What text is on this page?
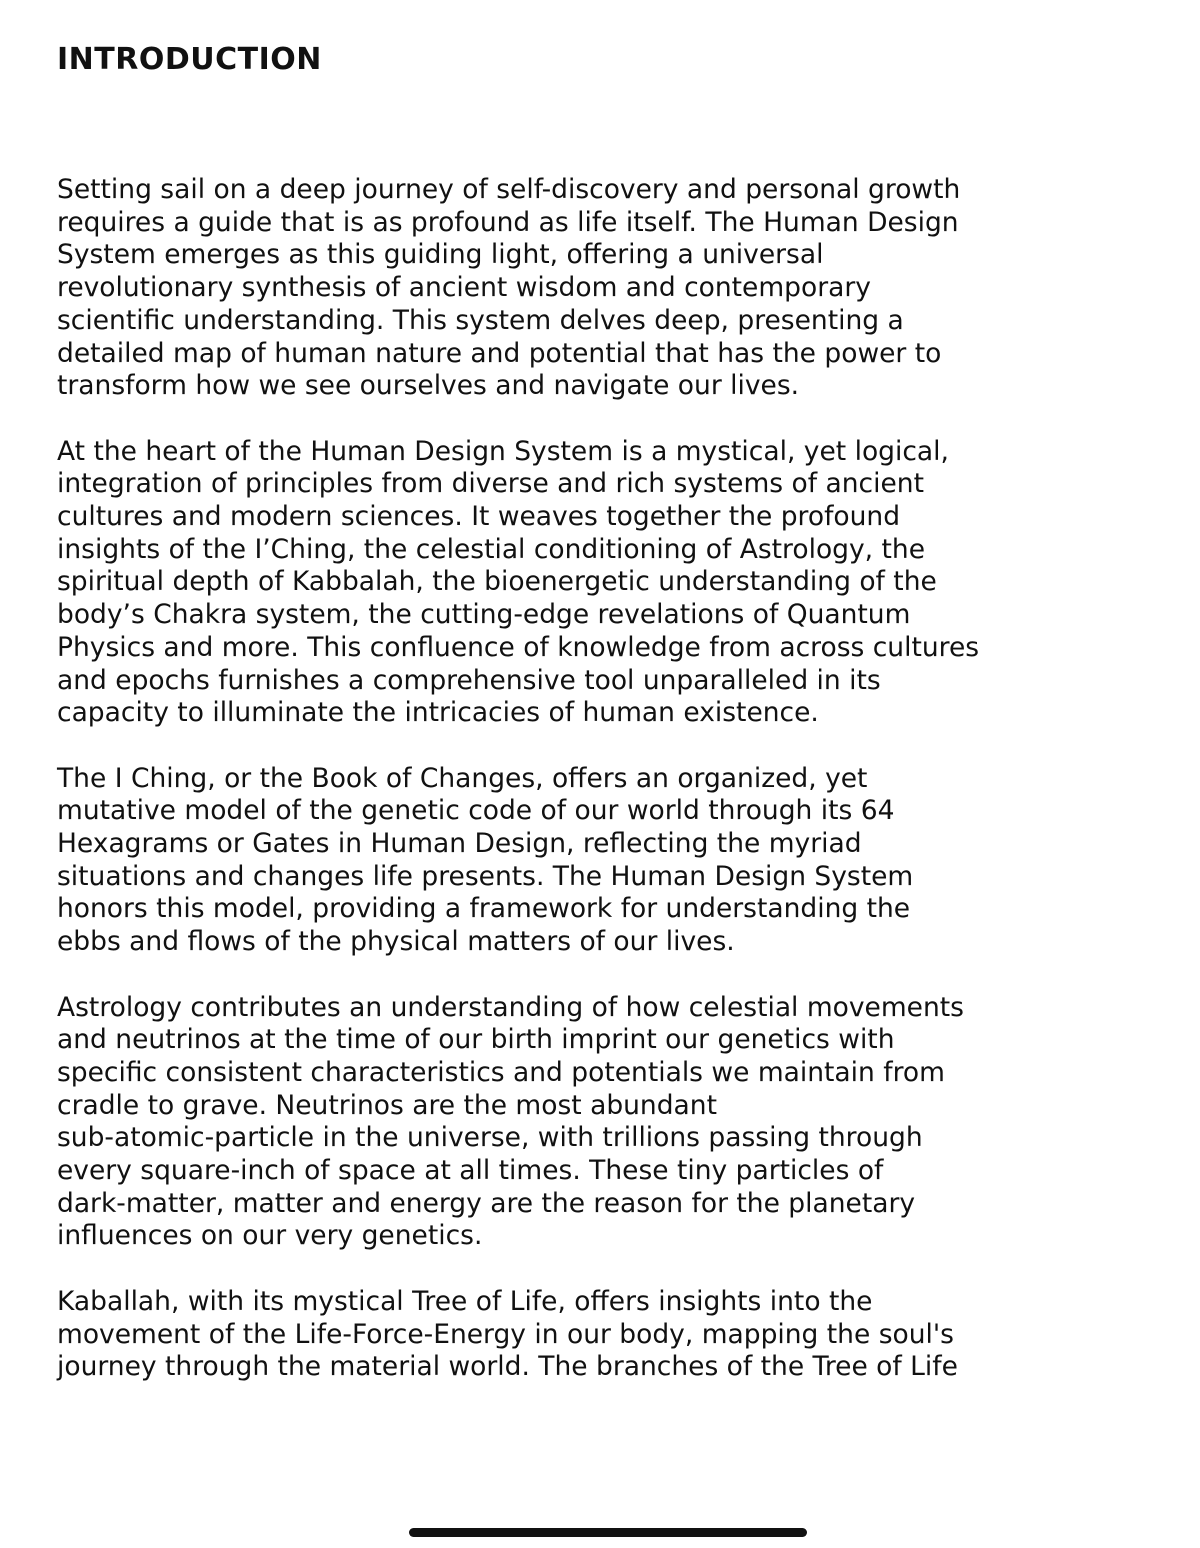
INTRODUCTION

Setting sail on a deep journey of self-discovery and personal growth
requires a guide that is as profound as life itself. The Human Design
System emerges as this guiding light, offering a universal
revolutionary synthesis of ancient wisdom and contemporary
scientific understanding. This system delves deep, presenting a
detailed map of human nature and potential that has the power to
transform how we see ourselves and navigate our lives.

At the heart of the Human Design System is a mystical, yet logical,
integration of principles from diverse and rich systems of ancient
cultures and modern sciences. It weaves together the profound
insights of the I’Ching, the celestial conditioning of Astrology, the
spiritual depth of Kabbalah, the bioenergetic understanding of the
body’s Chakra system, the cutting-edge revelations of Quantum
Physics and more. This confluence of knowledge from across cultures
and epochs furnishes a comprehensive tool unparalleled in its
capacity to illuminate the intricacies of human existence.

The I Ching, or the Book of Changes, offers an organized, yet
mutative model of the genetic code of our world through its 64
Hexagrams or Gates in Human Design, reflecting the myriad
situations and changes life presents. The Human Design System
honors this model, providing a framework for understanding the
ebbs and flows of the physical matters of our lives.

Astrology contributes an understanding of how celestial movements
and neutrinos at the time of our birth imprint our genetics with
specific consistent characteristics and potentials we maintain from
cradle to grave. Neutrinos are the most abundant
sub-atomic-particle in the universe, with trillions passing through
every square-inch of space at all times. These tiny particles of
dark-matter, matter and energy are the reason for the planetary
influences on our very genetics.

Kaballah, with its mystical Tree of Life, offers insights into the
movement of the Life-Force-Energy in our body, mapping the soul's
journey through the material world. The branches of the Tree of Life
